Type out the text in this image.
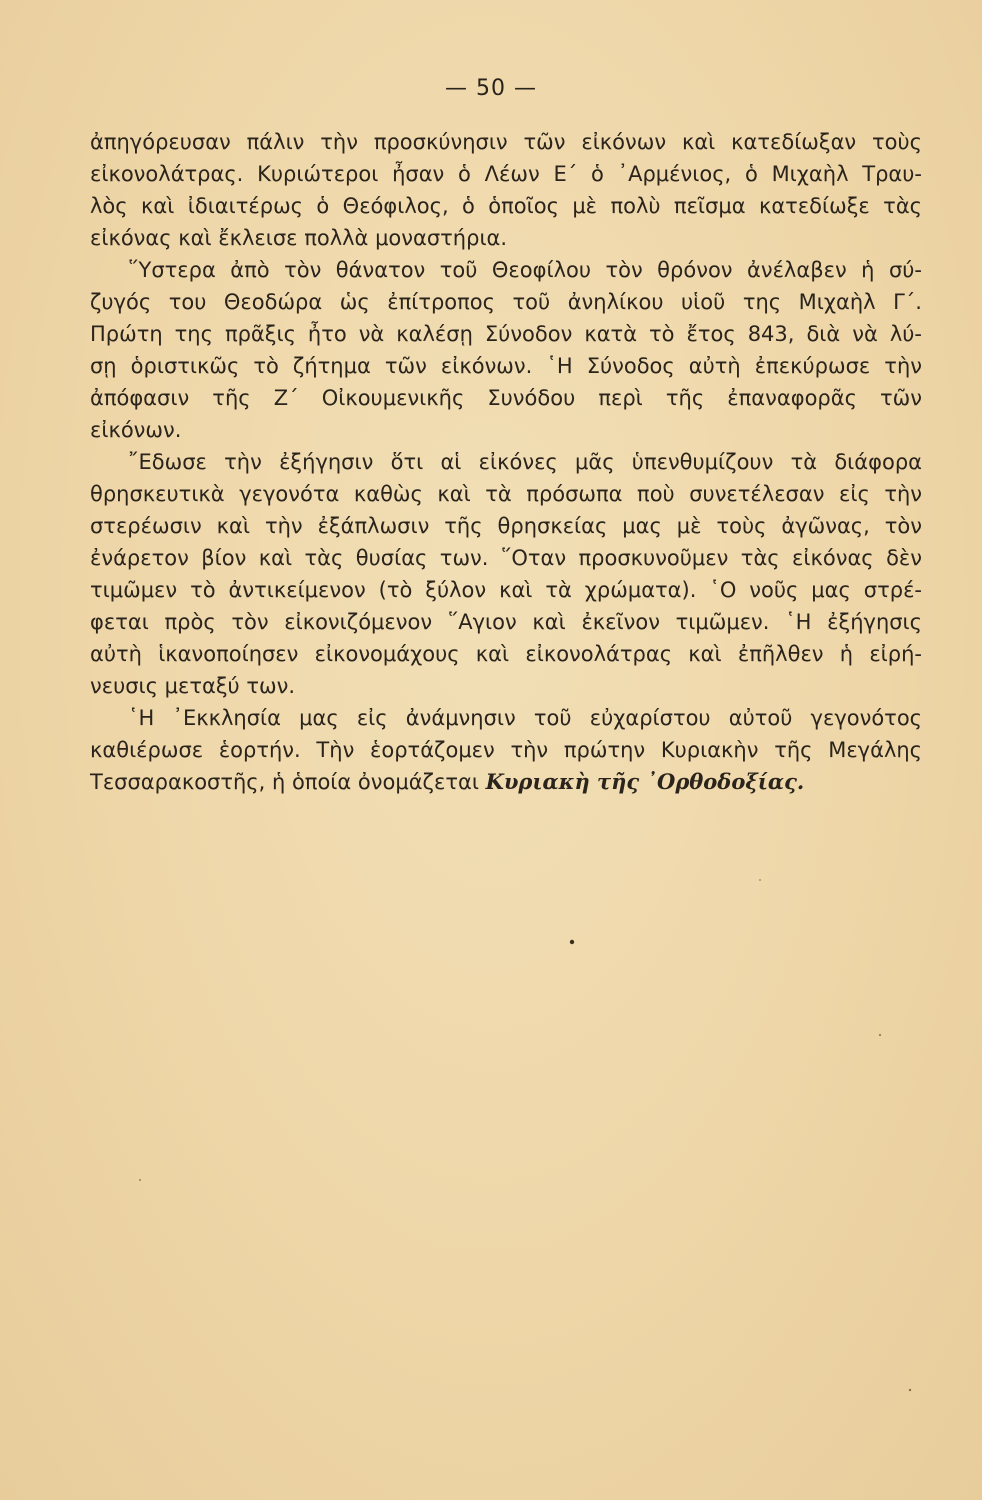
— 50 —
ἀπηγόρευσαν πάλιν τὴν προσκύνησιν τῶν εἰκόνων καὶ κατεδίωξαν τοὺς
εἰκονολάτρας. Κυριώτεροι ἦσαν ὁ Λέων Ε΄ ὁ ᾿Αρμένιος, ὁ Μιχαὴλ Τραυ-
λὸς καὶ ἰδιαιτέρως ὁ Θεόφιλος, ὁ ὁποῖος μὲ πολὺ πεῖσμα κατεδίωξε τὰς
εἰκόνας καὶ ἔκλεισε πολλὰ μοναστήρια.
῞Υστερα ἀπὸ τὸν θάνατον τοῦ Θεοφίλου τὸν θρόνον ἀνέλαβεν ἡ σύ-
ζυγός του Θεοδώρα ὡς ἐπίτροπος τοῦ ἀνηλίκου υἱοῦ της Μιχαὴλ Γ΄.
Πρώτη της πρᾶξις ἦτο νὰ καλέσῃ Σύνοδον κατὰ τὸ ἔτος 843, διὰ νὰ λύ-
σῃ ὁριστικῶς τὸ ζήτημα τῶν εἰκόνων. ῾Η Σύνοδος αὐτὴ ἐπεκύρωσε τὴν
ἀπόφασιν τῆς Ζ΄ Οἰκουμενικῆς Συνόδου περὶ τῆς ἐπαναφορᾶς τῶν
εἰκόνων.
῎Εδωσε τὴν ἐξήγησιν ὅτι αἱ εἰκόνες μᾶς ὑπενθυμίζουν τὰ διάφορα
θρησκευτικὰ γεγονότα καθὼς καὶ τὰ πρόσωπα ποὺ συνετέλεσαν εἰς τὴν
στερέωσιν καὶ τὴν ἐξάπλωσιν τῆς θρησκείας μας μὲ τοὺς ἀγῶνας, τὸν
ἐνάρετον βίον καὶ τὰς θυσίας των. ῞Οταν προσκυνοῦμεν τὰς εἰκόνας δὲν
τιμῶμεν τὸ ἀντικείμενον (τὸ ξύλον καὶ τὰ χρώματα). ῾Ο νοῦς μας στρέ-
φεται πρὸς τὸν εἰκονιζόμενον ῞Αγιον καὶ ἐκεῖνον τιμῶμεν. ῾Η ἐξήγησις
αὐτὴ ἱκανοποίησεν εἰκονομάχους καὶ εἰκονολάτρας καὶ ἐπῆλθεν ἡ εἰρή-
νευσις μεταξύ των.
῾Η ᾿Εκκλησία μας εἰς ἀνάμνησιν τοῦ εὐχαρίστου αὐτοῦ γεγονότος
καθιέρωσε ἑορτήν. Τὴν ἑορτάζομεν τὴν πρώτην Κυριακὴν τῆς Μεγάλης
Τεσσαρακοστῆς, ἡ ὁποία ὀνομάζεται Κυριακὴ τῆς ᾿Ορθοδοξίας.
